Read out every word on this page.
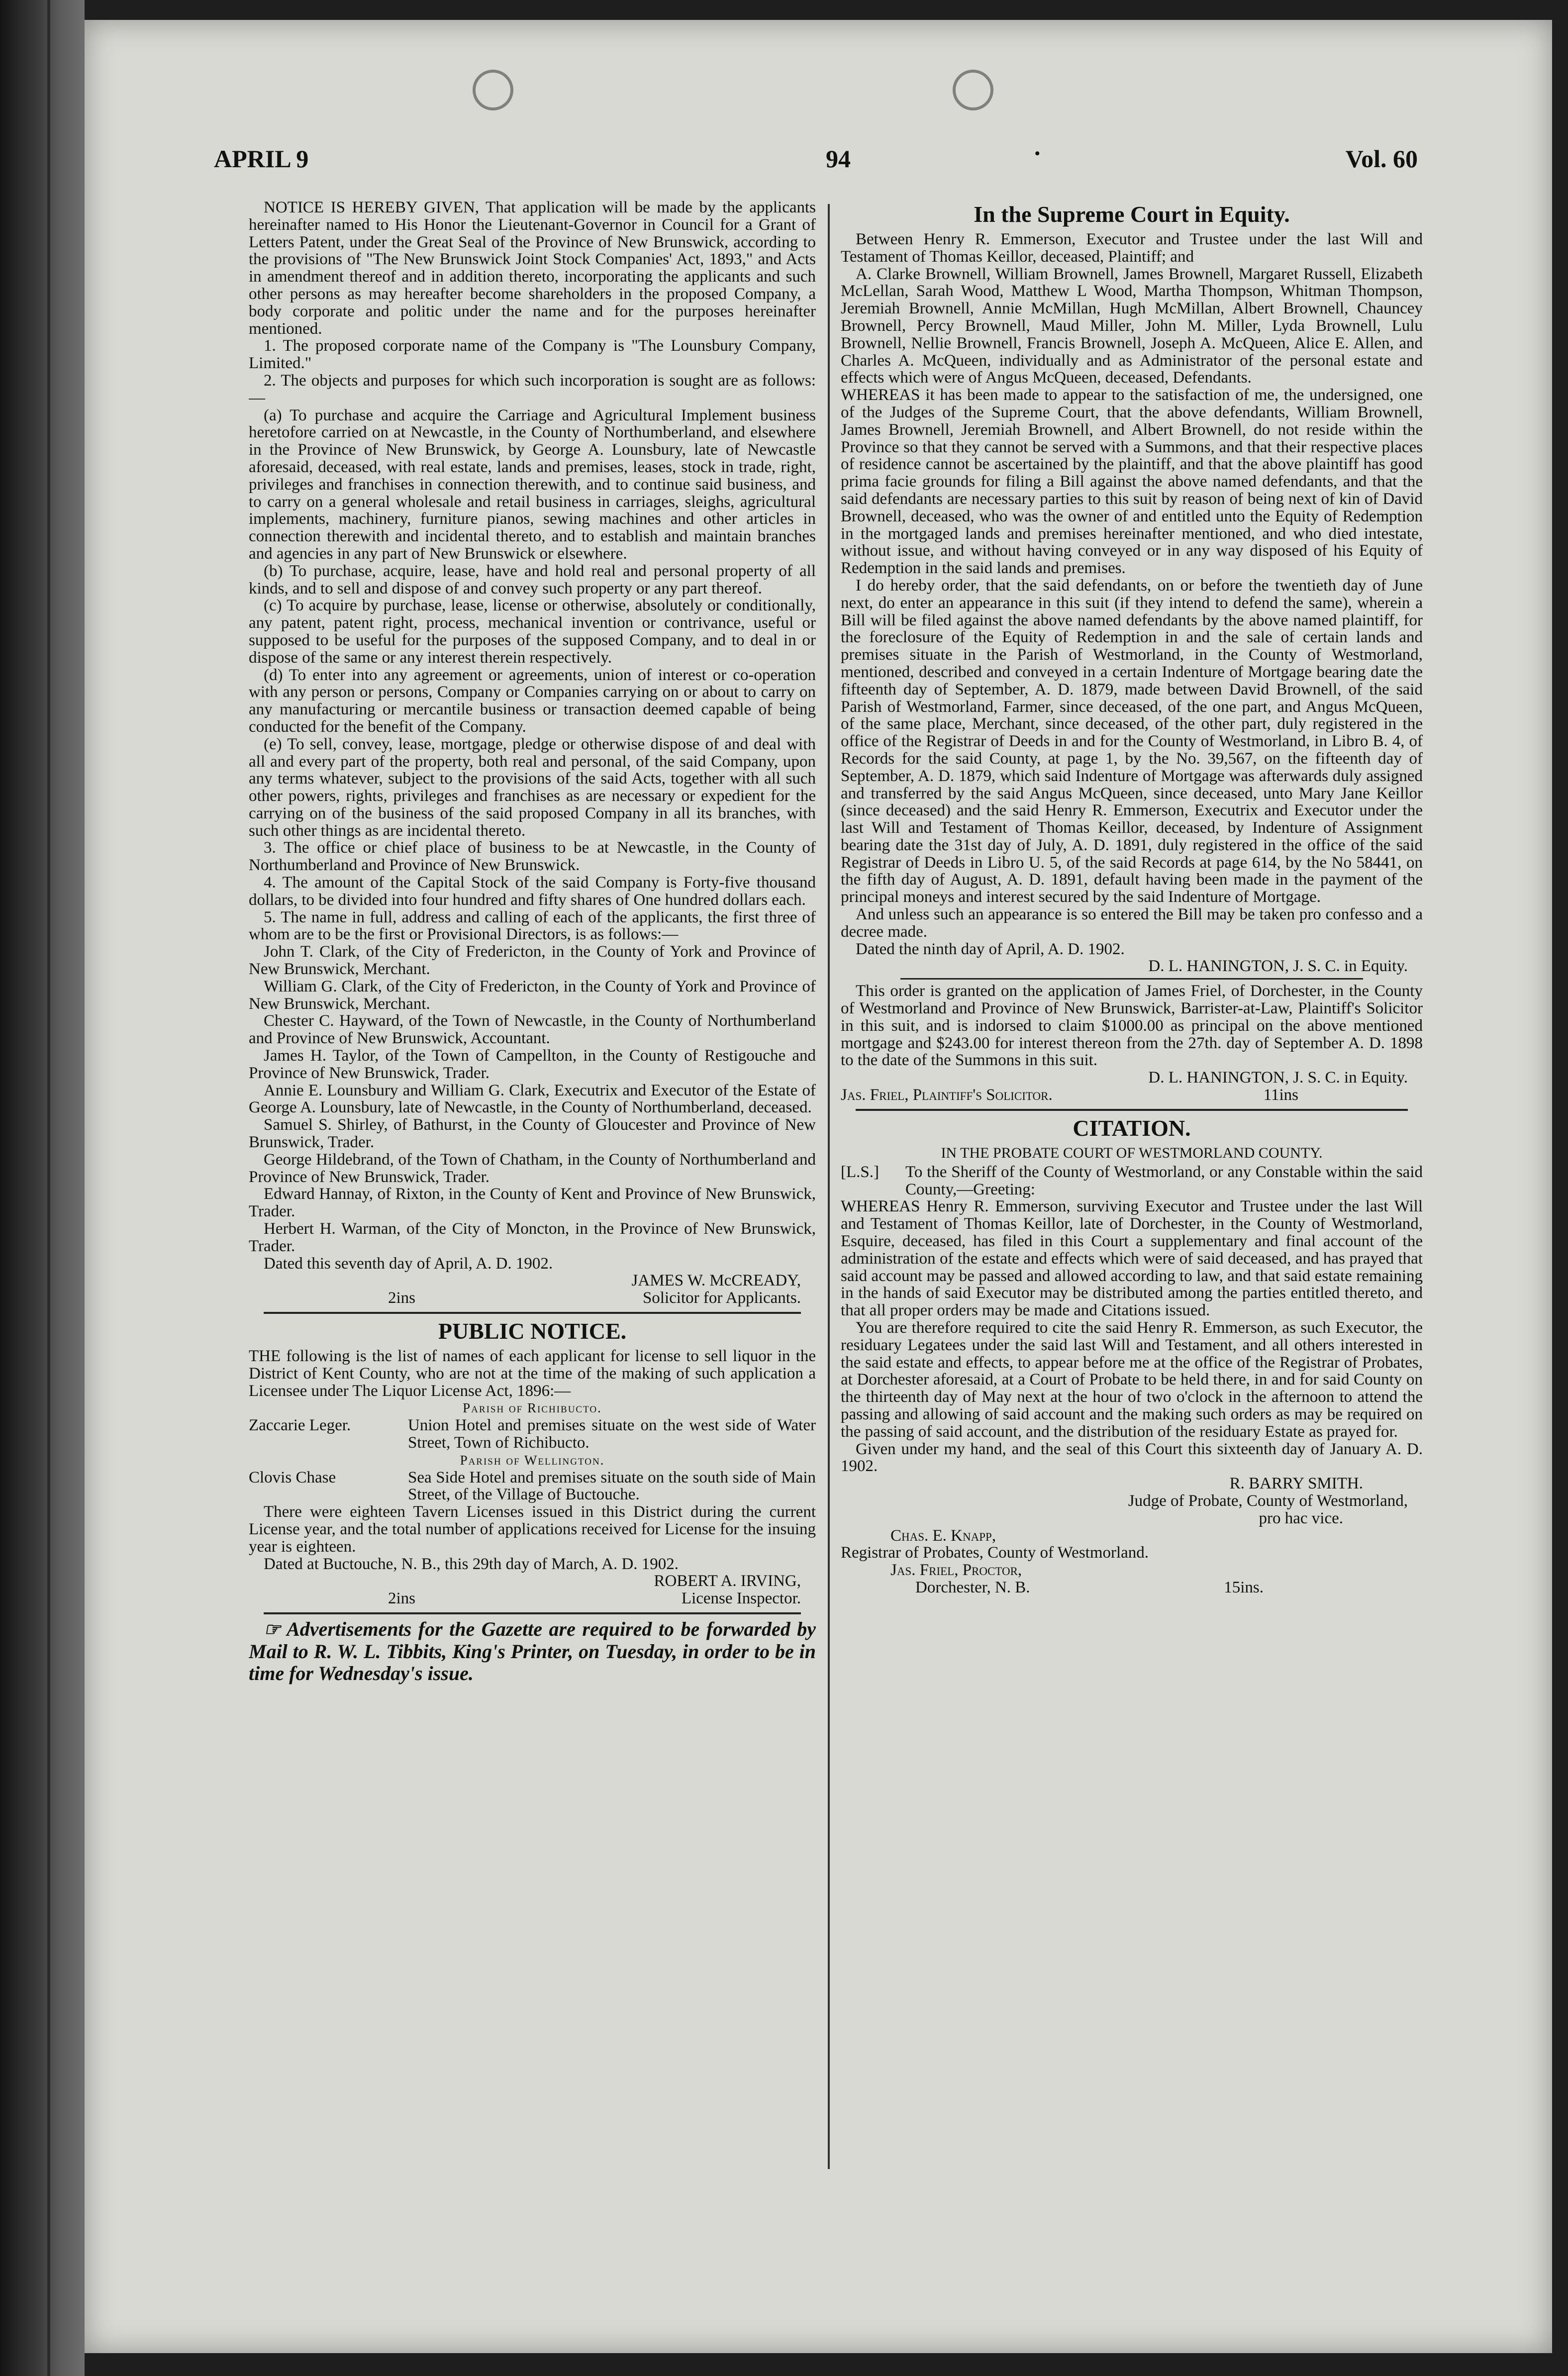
APRIL 9	94	•	Vol. 60

NOTICE IS HEREBY GIVEN, That application will be made by the applicants hereinafter named to His Honor the Lieutenant-Governor in Council for a Grant of Letters Patent, under the Great Seal of the Province of New Brunswick, according to the provisions of "The New Brunswick Joint Stock Companies' Act, 1893," and Acts in amendment thereof and in addition thereto, incorporating the applicants and such other persons as may hereafter become shareholders in the proposed Company, a body corporate and politic under the name and for the purposes hereinafter mentioned.

1. The proposed corporate name of the Company is "The Lounsbury Company, Limited."

2. The objects and purposes for which such incorporation is sought are as follows:—

(a) To purchase and acquire the Carriage and Agricultural Implement business heretofore carried on at Newcastle, in the County of Northumberland, and elsewhere in the Province of New Brunswick, by George A. Lounsbury, late of Newcastle aforesaid, deceased, with real estate, lands and premises, leases, stock in trade, right, privileges and franchises in connection therewith, and to continue said business, and to carry on a general wholesale and retail business in carriages, sleighs, agricultural implements, machinery, furniture pianos, sewing machines and other articles in connection therewith and incidental thereto, and to establish and maintain branches and agencies in any part of New Brunswick or elsewhere.

(b) To purchase, acquire, lease, have and hold real and personal property of all kinds, and to sell and dispose of and convey such property or any part thereof.

(c) To acquire by purchase, lease, license or otherwise, absolutely or conditionally, any patent, patent right, process, mechanical invention or contrivance, useful or supposed to be useful for the purposes of the supposed Company, and to deal in or dispose of the same or any interest therein respectively.

(d) To enter into any agreement or agreements, union of interest or co-operation with any person or persons, Company or Companies carrying on or about to carry on any manufacturing or mercantile business or transaction deemed capable of being conducted for the benefit of the Company.

(e) To sell, convey, lease, mortgage, pledge or otherwise dispose of and deal with all and every part of the property, both real and personal, of the said Company, upon any terms whatever, subject to the provisions of the said Acts, together with all such other powers, rights, privileges and franchises as are necessary or expedient for the carrying on of the business of the said proposed Company in all its branches, with such other things as are incidental thereto.

3. The office or chief place of business to be at Newcastle, in the County of Northumberland and Province of New Brunswick.

4. The amount of the Capital Stock of the said Company is Forty-five thousand dollars, to be divided into four hundred and fifty shares of One hundred dollars each.

5. The name in full, address and calling of each of the applicants, the first three of whom are to be the first or Provisional Directors, is as follows:—

John T. Clark, of the City of Fredericton, in the County of York and Province of New Brunswick, Merchant.

William G. Clark, of the City of Fredericton, in the County of York and Province of New Brunswick, Merchant.

Chester C. Hayward, of the Town of Newcastle, in the County of Northumberland and Province of New Brunswick, Accountant.

James H. Taylor, of the Town of Campellton, in the County of Restigouche and Province of New Brunswick, Trader.

Annie E. Lounsbury and William G. Clark, Executrix and Executor of the Estate of George A. Lounsbury, late of Newcastle, in the County of Northumberland, deceased.

Samuel S. Shirley, of Bathurst, in the County of Gloucester and Province of New Brunswick, Trader.

George Hildebrand, of the Town of Chatham, in the County of Northumberland and Province of New Brunswick, Trader.

Edward Hannay, of Rixton, in the County of Kent and Province of New Brunswick, Trader.

Herbert H. Warman, of the City of Moncton, in the Province of New Brunswick, Trader.

Dated this seventh day of April, A. D. 1902.

JAMES W. McCREADY,

2ins	Solicitor for Applicants.
PUBLIC NOTICE.

THE following is the list of names of each applicant for license to sell liquor in the District of Kent County, who are not at the time of the making of such application a Licensee under The Liquor License Act, 1896:—

Parish of Richibucto.

Zaccarie Leger.	Union Hotel and premises situate on the west side of Water Street, Town of Richibucto.

Parish of Wellington.

Clovis Chase	Sea Side Hotel and premises situate on the south side of Main Street, of the Village of Buctouche.

There were eighteen Tavern Licenses issued in this District during the current License year, and the total number of applications received for License for the insuing year is eighteen.

Dated at Buctouche, N. B., this 29th day of March, A. D. 1902.

ROBERT A. IRVING,

2ins	License Inspector.

☞ Advertisements for the Gazette are required to be forwarded by Mail to R. W. L. Tibbits, King's Printer, on Tuesday, in order to be in time for Wednesday's issue.

In the Supreme Court in Equity.

Between Henry R. Emmerson, Executor and Trustee under the last Will and Testament of Thomas Keillor, deceased, Plaintiff; and

A. Clarke Brownell, William Brownell, James Brownell, Margaret Russell, Elizabeth McLellan, Sarah Wood, Matthew L Wood, Martha Thompson, Whitman Thompson, Jeremiah Brownell, Annie McMillan, Hugh McMillan, Albert Brownell, Chauncey Brownell, Percy Brownell, Maud Miller, John M. Miller, Lyda Brownell, Lulu Brownell, Nellie Brownell, Francis Brownell, Joseph A. McQueen, Alice E. Allen, and Charles A. McQueen, individually and as Administrator of the personal estate and effects which were of Angus McQueen, deceased, Defendants.

WHEREAS it has been made to appear to the satisfaction of me, the undersigned, one of the Judges of the Supreme Court, that the above defendants, William Brownell, James Brownell, Jeremiah Brownell, and Albert Brownell, do not reside within the Province so that they cannot be served with a Summons, and that their respective places of residence cannot be ascertained by the plaintiff, and that the above plaintiff has good prima facie grounds for filing a Bill against the above named defendants, and that the said defendants are necessary parties to this suit by reason of being next of kin of David Brownell, deceased, who was the owner of and entitled unto the Equity of Redemption in the mortgaged lands and premises hereinafter mentioned, and who died intestate, without issue, and without having conveyed or in any way disposed of his Equity of Redemption in the said lands and premises.

I do hereby order, that the said defendants, on or before the twentieth day of June next, do enter an appearance in this suit (if they intend to defend the same), wherein a Bill will be filed against the above named defendants by the above named plaintiff, for the foreclosure of the Equity of Redemption in and the sale of certain lands and premises situate in the Parish of Westmorland, in the County of Westmorland, mentioned, described and conveyed in a certain Indenture of Mortgage bearing date the fifteenth day of September, A. D. 1879, made between David Brownell, of the said Parish of Westmorland, Farmer, since deceased, of the one part, and Angus McQueen, of the same place, Merchant, since deceased, of the other part, duly registered in the office of the Registrar of Deeds in and for the County of Westmorland, in Libro B. 4, of Records for the said County, at page 1, by the No. 39,567, on the fifteenth day of September, A. D. 1879, which said Indenture of Mortgage was afterwards duly assigned and transferred by the said Angus McQueen, since deceased, unto Mary Jane Keillor (since deceased) and the said Henry R. Emmerson, Executrix and Executor under the last Will and Testament of Thomas Keillor, deceased, by Indenture of Assignment bearing date the 31st day of July, A. D. 1891, duly registered in the office of the said Registrar of Deeds in Libro U. 5, of the said Records at page 614, by the No 58441, on the fifth day of August, A. D. 1891, default having been made in the payment of the principal moneys and interest secured by the said Indenture of Mortgage.

And unless such an appearance is so entered the Bill may be taken pro confesso and a decree made.

Dated the ninth day of April, A. D. 1902.

D. L. HANINGTON, J. S. C. in Equity.

This order is granted on the application of James Friel, of Dorchester, in the County of Westmorland and Province of New Brunswick, Barrister-at-Law, Plaintiff's Solicitor in this suit, and is indorsed to claim $1000.00 as principal on the above mentioned mortgage and $243.00 for interest thereon from the 27th. day of September A. D. 1898 to the date of the Summons in this suit.

D. L. HANINGTON, J. S. C. in Equity.

Jas. Friel, Plaintiff's Solicitor.	11ins
CITATION.
IN THE PROBATE COURT OF WESTMORLAND COUNTY.
[L.S.]	To the Sheriff of the County of Westmorland, or any Constable within the said County,—Greeting:

WHEREAS Henry R. Emmerson, surviving Executor and Trustee under the last Will and Testament of Thomas Keillor, late of Dorchester, in the County of Westmorland, Esquire, deceased, has filed in this Court a supplementary and final account of the administration of the estate and effects which were of said deceased, and has prayed that said account may be passed and allowed according to law, and that said estate remaining in the hands of said Executor may be distributed among the parties entitled thereto, and that all proper orders may be made and Citations issued.

You are therefore required to cite the said Henry R. Emmerson, as such Executor, the residuary Legatees under the said last Will and Testament, and all others interested in the said estate and effects, to appear before me at the office of the Registrar of Probates, at Dorchester aforesaid, at a Court of Probate to be held there, in and for said County on the thirteenth day of May next at the hour of two o'clock in the afternoon to attend the passing and allowing of said account and the making such orders as may be required on the passing of said account, and the distribution of the residuary Estate as prayed for.

Given under my hand, and the seal of this Court this sixteenth day of January A. D. 1902.

R. BARRY SMITH.

Judge of Probate, County of Westmorland,

pro hac vice.

Chas. E. Knapp,

Registrar of Probates, County of Westmorland.

Jas. Friel, Proctor,

Dorchester, N. B.	15ins.
